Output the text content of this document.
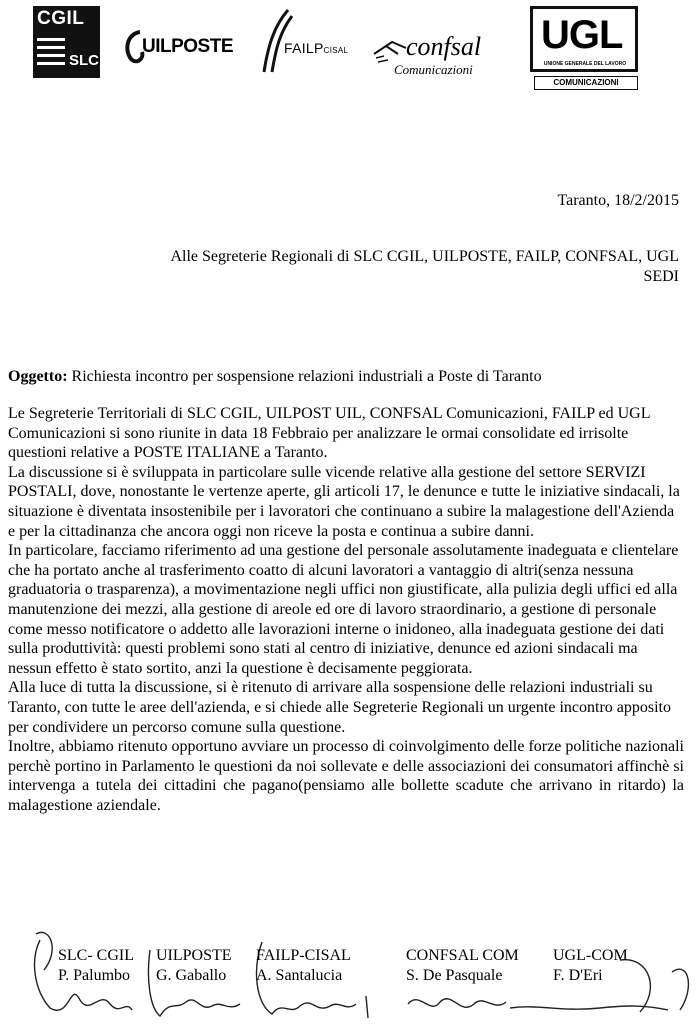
CGIL
SLC
UILPOSTE	FAILPCISAL confsal
Comunicazioni
UGL
UNIONE GENERALE DEL LAVORO
COMUNICAZIONI
Taranto, 18/2/2015
Alle Segreterie Regionali di SLC CGIL, UILPOSTE, FAILP, CONFSAL, UGL
SEDI
Oggetto: Richiesta incontro per sospensione relazioni industriali a Poste di Taranto

Le Segreterie Territoriali di SLC CGIL, UILPOST UIL, CONFSAL Comunicazioni, FAILP ed UGL Comunicazioni si sono riunite in data 18 Febbraio per analizzare le ormai consolidate ed irrisolte questioni relative a POSTE ITALIANE a Taranto.

La discussione si è sviluppata in particolare sulle vicende relative alla gestione del settore SERVIZI POSTALI, dove, nonostante le vertenze aperte, gli articoli 17, le denunce e tutte le iniziative sindacali, la situazione è diventata insostenibile per i lavoratori che continuano a subire la malagestione dell'Azienda e per la cittadinanza che ancora oggi non riceve la posta e continua a subire danni.

In particolare, facciamo riferimento ad una gestione del personale assolutamente inadeguata e clientelare che ha portato anche al trasferimento coatto di alcuni lavoratori a vantaggio di altri(senza nessuna graduatoria o trasparenza), a movimentazione negli uffici non giustificate, alla pulizia degli uffici ed alla manutenzione dei mezzi, alla gestione di areole ed ore di lavoro straordinario, a gestione di personale come messo notificatore o addetto alle lavorazioni interne o inidoneo, alla inadeguata gestione dei dati sulla produttività: questi problemi sono stati al centro di iniziative, denunce ed azioni sindacali ma nessun effetto è stato sortito, anzi la questione è decisamente peggiorata.

Alla luce di tutta la discussione, si è ritenuto di arrivare alla sospensione delle relazioni industriali su Taranto, con tutte le aree dell'azienda, e si chiede alle Segreterie Regionali un urgente incontro apposito per condividere un percorso comune sulla questione.

Inoltre, abbiamo ritenuto opportuno avviare un processo di coinvolgimento delle forze politiche nazionali perchè portino in Parlamento le questioni da noi sollevate e delle associazioni dei consumatori affinchè si intervenga a tutela dei cittadini che pagano(pensiamo alle bollette scadute che arrivano in ritardo) la malagestione aziendale.

SLC- CGIL
P. Palumbo
UILPOSTE
G. Gaballo
FAILP-CISAL
A. Santalucia
CONFSAL COM
S. De Pasquale
UGL-COM
F. D'Eri
